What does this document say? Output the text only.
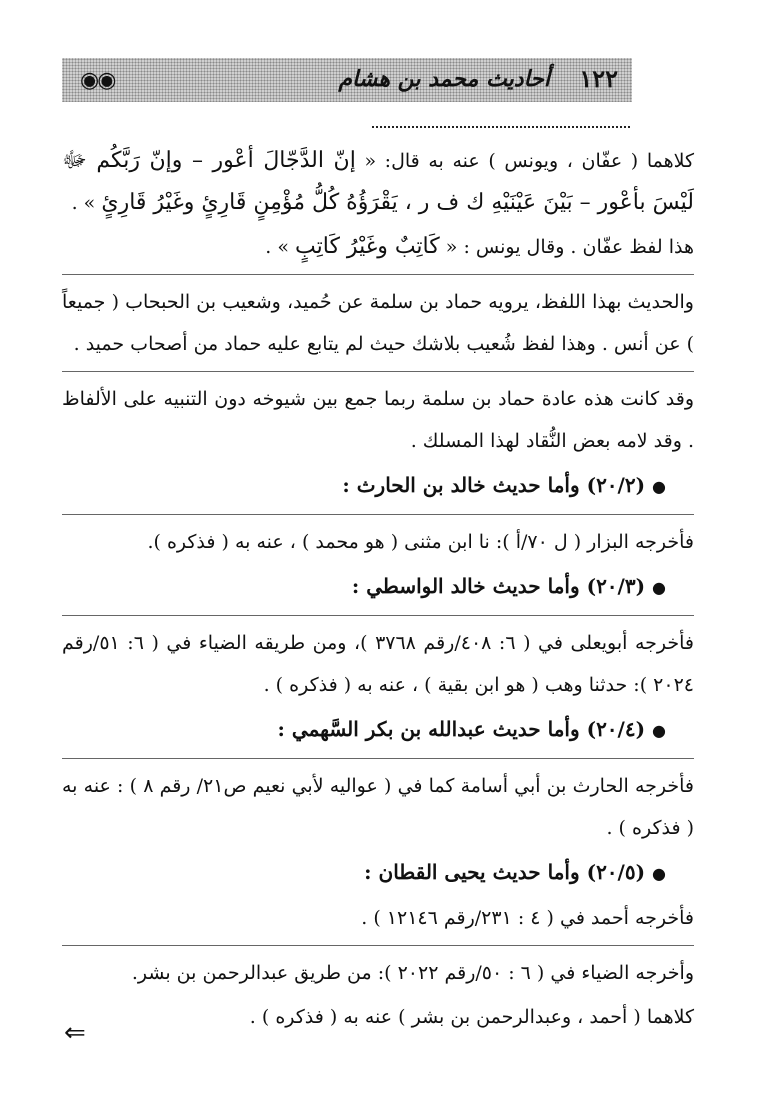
١٢٢
أحاديث محمد بن هشام
◉◉

كلاهما ( عفّان ، ويونس ) عنه به قال: « إنّ الدَّجّالَ أعْور – وإنّ رَبَّكُم ﷻ لَيْسَ بأعْور – بَيْنَ عَيْنَيْهِ ك ف ر ، يَقْرَؤُهُ كُلُّ مُؤْمِنٍ قَارِئٍ وغَيْرُ قَارِئٍ » .

هذا لفظ عفّان . وقال يونس : « كَاتِبٌ وغَيْرُ كَاتِبٍ » .

والحديث بهذا اللفظ، يرويه حماد بن سلمة عن حُميد، وشعيب بن الحبحاب ( جميعاً ) عن أنس . وهذا لفظ شُعيب بلاشك حيث لم يتابع عليه حماد من أصحاب حميد .

وقد كانت هذه عادة حماد بن سلمة ربما جمع بين شيوخه دون التنبيه على الألفاظ . وقد لامه بعض النُّقاد لهذا المسلك .

● (٢٠/٢) وأما حديث خالد بن الحارث :

فأخرجه البزار ( ل ٧٠/أ ): نا ابن مثنى ( هو محمد ) ، عنه به ( فذكره ).

● (٢٠/٣) وأما حديث خالد الواسطي :

فأخرجه أبويعلى في ( ٦: ٤٠٨/رقم ٣٧٦٨ )، ومن طريقه الضياء في ( ٦: ٥١/رقم ٢٠٢٤ ): حدثنا وهب ( هو ابن بقية ) ، عنه به ( فذكره ) .

● (٢٠/٤) وأما حديث عبدالله بن بكر السَّهمي :

فأخرجه الحارث بن أبي أسامة كما في ( عواليه لأبي نعيم ص٢١/ رقم ٨ ) : عنه به ( فذكره ) .

● (٢٠/٥) وأما حديث يحيى القطان :

فأخرجه أحمد في ( ٤ : ٢٣١/رقم ١٢١٤٦ ) .

وأخرجه الضياء في ( ٦ : ٥٠/رقم ٢٠٢٢ ): من طريق عبدالرحمن بن بشر.

كلاهما ( أحمد ، وعبدالرحمن بن بشر ) عنه به ( فذكره ) .

⇐
